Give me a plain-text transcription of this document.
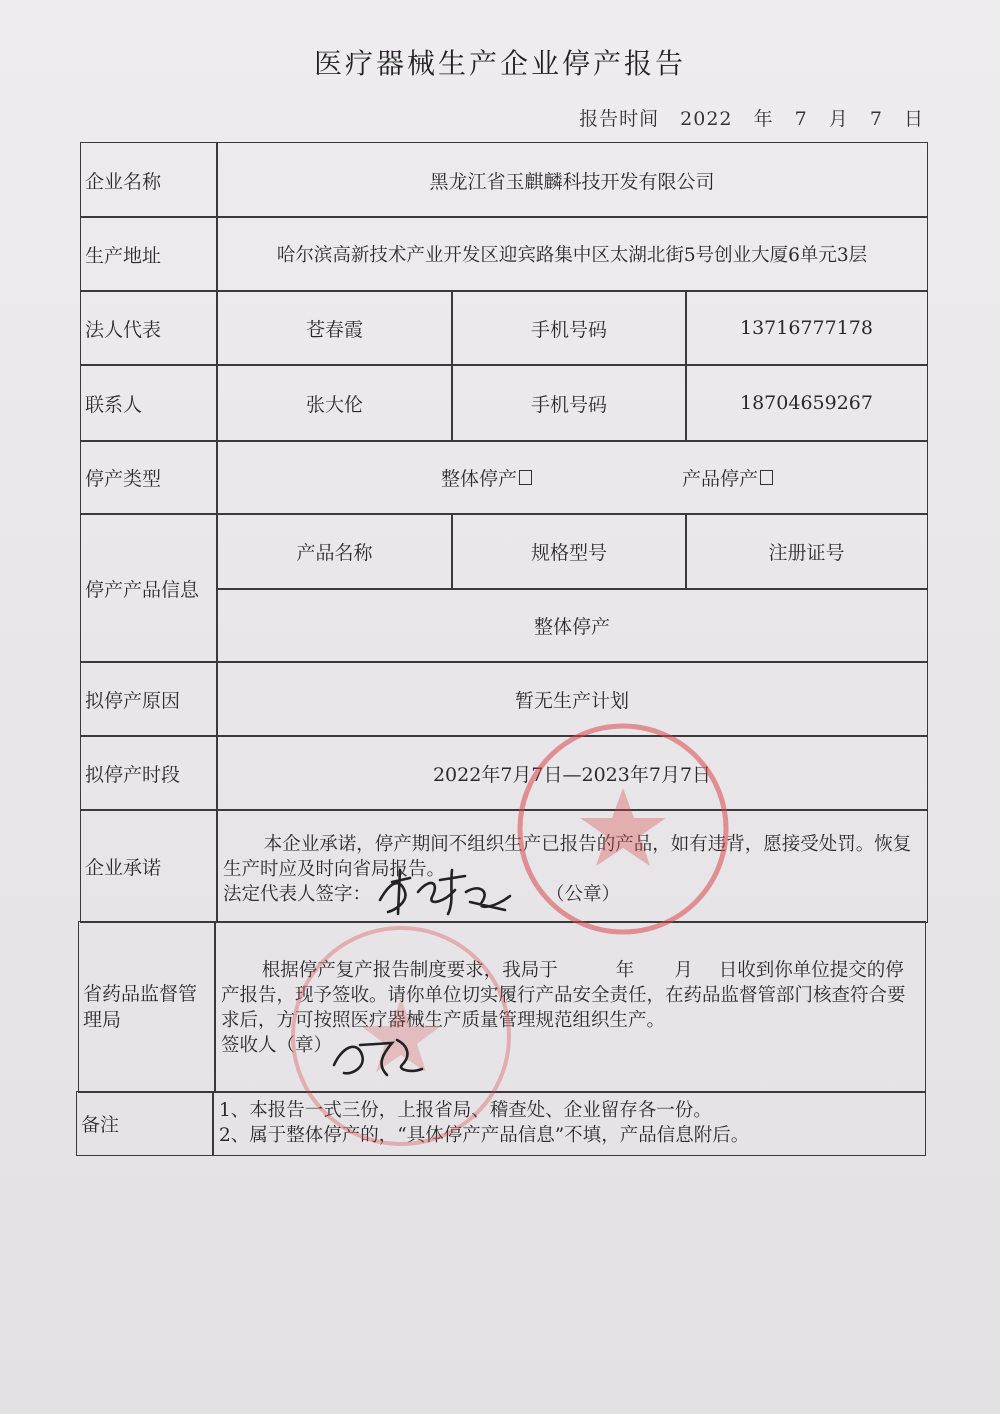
医疗器械生产企业停产报告
报告时间 2022 年 7 月 7 日
企业名称	黑龙江省玉麒麟科技开发有限公司
生产地址	哈尔滨高新技术产业开发区迎宾路集中区太湖北街5号创业大厦6单元3层
法人代表	苍春霞	手机号码	13716777178
联系人	张大伦	手机号码	18704659267
停产类型	整体停产	产品停产
停产产品信息
产品名称	规格型号	注册证号
整体停产
拟停产原因	暂无生产计划
拟停产时段	2022年7月7日—2023年7月7日
企业承诺
本企业承诺，停产期间不组织生产已报告的产品，如有违背，愿接受处罚。恢复生产时应及时向省局报告。
法定代表人签字：	（公章）
省药品监督管理局
根据停产复产报告制度要求，我局于	年 月 日收到你单位提交的停产报告，现予签收。请你单位切实履行产品安全责任，在药品监督管部门核查符合要求后，方可按照医疗器械生产质量管理规范组织生产。
签收人（章）
备注
1、本报告一式三份，上报省局、稽查处、企业留存各一份。
2、属于整体停产的，“具体停产产品信息”不填，产品信息附后。
